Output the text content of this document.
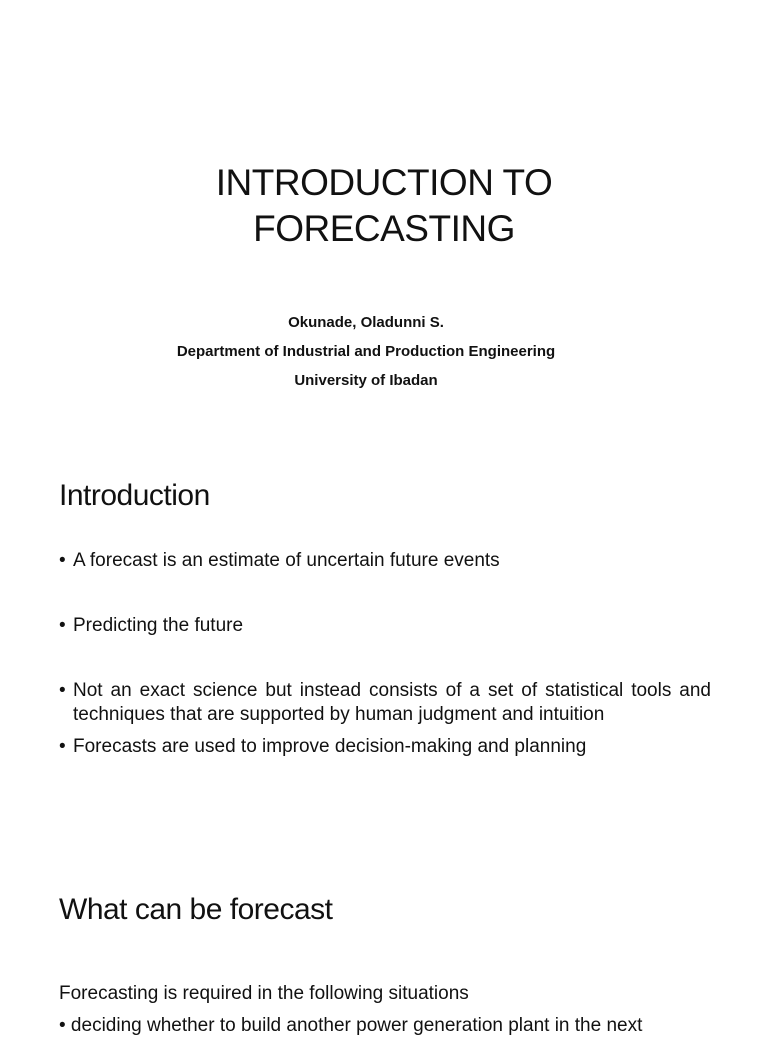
INTRODUCTION TO
FORECASTING
Okunade, Oladunni S.
Department of Industrial and Production Engineering
University of Ibadan
Introduction
• A forecast is an estimate of uncertain future events
• Predicting the future
• Not an exact science but instead consists of a set of statistical tools and techniques that are supported by human judgment and intuition
• Forecasts are used to improve decision-making and planning
What can be forecast
Forecasting is required in the following situations
• deciding whether to build another power generation plant in the next
